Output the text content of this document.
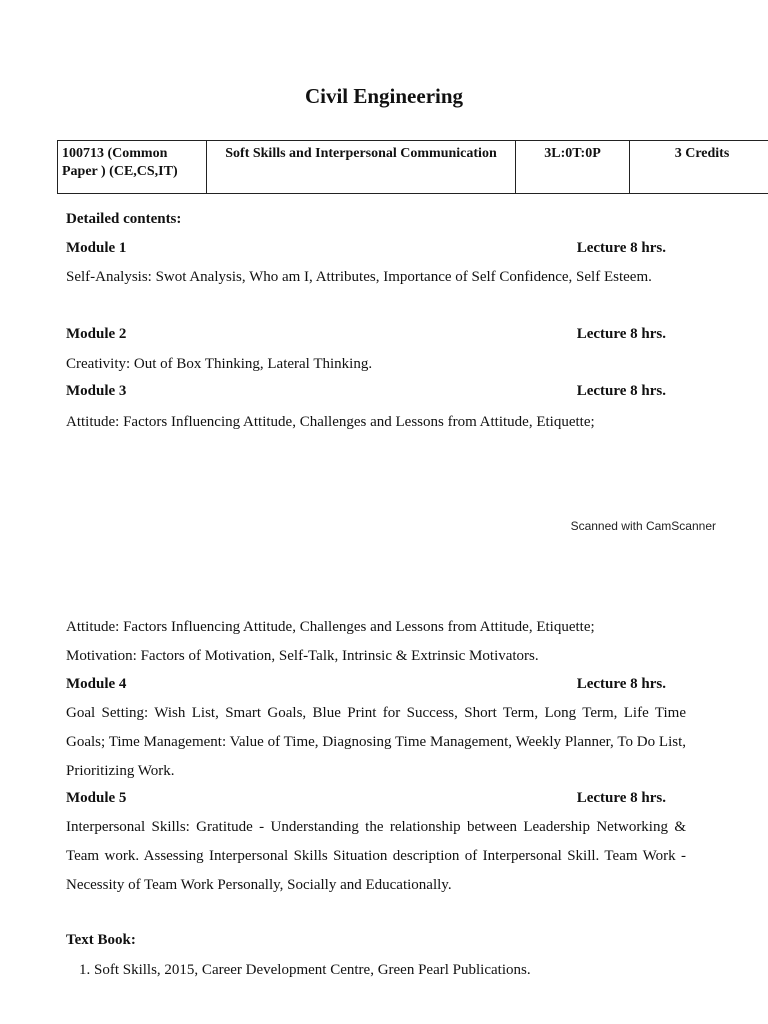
Civil Engineering
100713 (Common Paper ) (CE,CS,IT)	Soft Skills and Interpersonal Communication	3L:0T:0P	3 Credits
Detailed contents:
Module 1	Lecture 8 hrs.
Self-Analysis: Swot Analysis, Who am I, Attributes, Importance of Self Confidence, Self Esteem.
Module 2	Lecture 8 hrs.
Creativity: Out of Box Thinking, Lateral Thinking.
Module 3	Lecture 8 hrs.
Attitude: Factors Influencing Attitude, Challenges and Lessons from Attitude, Etiquette;
Scanned with CamScanner
Attitude: Factors Influencing Attitude, Challenges and Lessons from Attitude, Etiquette;
Motivation: Factors of Motivation, Self-Talk, Intrinsic & Extrinsic Motivators.
Module 4	Lecture 8 hrs.
Goal Setting: Wish List, Smart Goals, Blue Print for Success, Short Term, Long Term, Life Time Goals; Time Management: Value of Time, Diagnosing Time Management, Weekly Planner, To Do List, Prioritizing Work.
Module 5	Lecture 8 hrs.
Interpersonal Skills: Gratitude - Understanding the relationship between Leadership Networking & Team work. Assessing Interpersonal Skills Situation description of Interpersonal Skill. Team Work - Necessity of Team Work Personally, Socially and Educationally.
Text Book:
1. Soft Skills, 2015, Career Development Centre, Green Pearl Publications.
